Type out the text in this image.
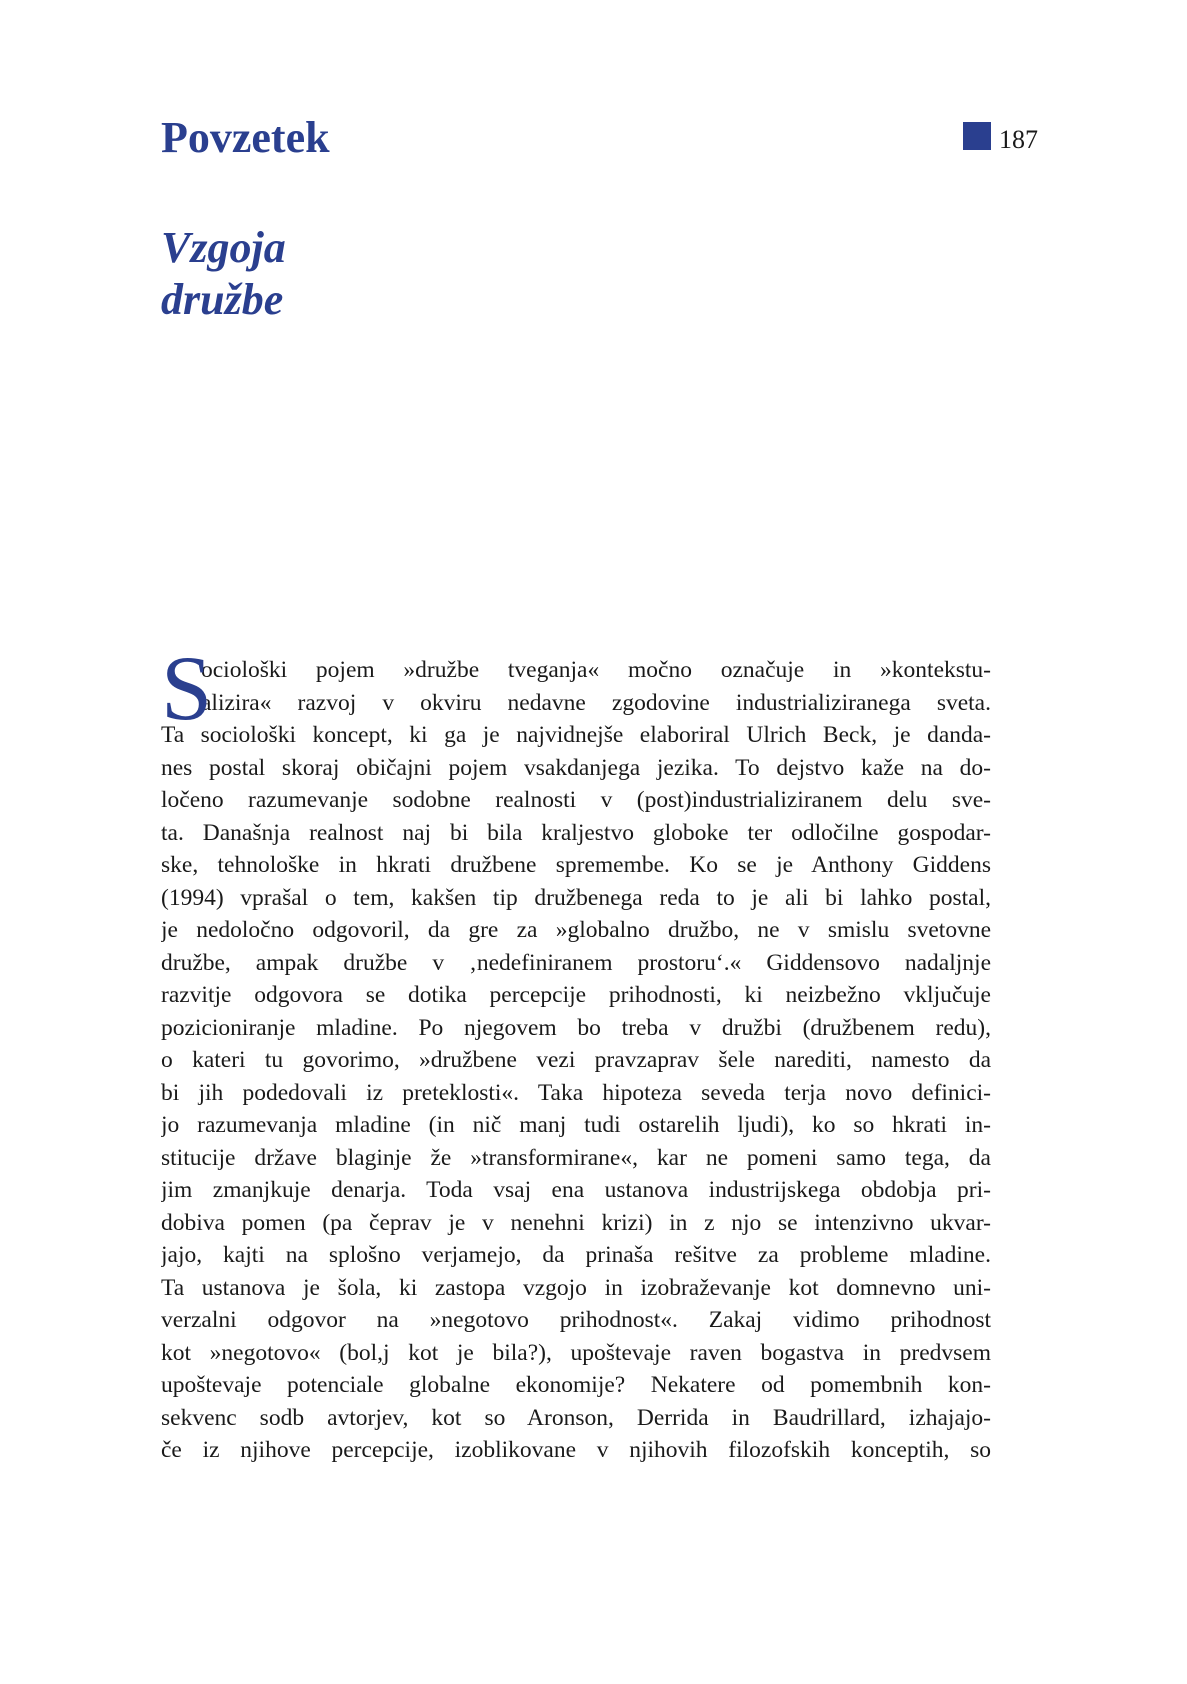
Povzetek	187
Vzgoja
družbe
S
ociološki pojem »družbe tveganja« močno označuje in »kontekstu-
alizira« razvoj v okviru nedavne zgodovine industrializiranega sveta.
Ta sociološki koncept, ki ga je najvidnejše elaboriral Ulrich Beck, je danda-
nes postal skoraj običajni pojem vsakdanjega jezika. To dejstvo kaže na do-
ločeno razumevanje sodobne realnosti v (post)industrializiranem delu sve-
ta. Današnja realnost naj bi bila kraljestvo globoke ter odločilne gospodar-
ske, tehnološke in hkrati družbene spremembe. Ko se je Anthony Giddens
(1994) vprašal o tem, kakšen tip družbenega reda to je ali bi lahko postal,
je nedoločno odgovoril, da gre za »globalno družbo, ne v smislu svetovne
družbe, ampak družbe v ‚nedefiniranem prostoru‘.« Giddensovo nadaljnje
razvitje odgovora se dotika percepcije prihodnosti, ki neizbežno vključuje
pozicioniranje mladine. Po njegovem bo treba v družbi (družbenem redu),
o kateri tu govorimo, »družbene vezi pravzaprav šele narediti, namesto da
bi jih podedovali iz preteklosti«. Taka hipoteza seveda terja novo definici-
jo razumevanja mladine (in nič manj tudi ostarelih ljudi), ko so hkrati in-
stitucije države blaginje že »transformirane«, kar ne pomeni samo tega, da
jim zmanjkuje denarja. Toda vsaj ena ustanova industrijskega obdobja pri-
dobiva pomen (pa čeprav je v nenehni krizi) in z njo se intenzivno ukvar-
jajo, kajti na splošno verjamejo, da prinaša rešitve za probleme mladine.
Ta ustanova je šola, ki zastopa vzgojo in izobraževanje kot domnevno uni-
verzalni odgovor na »negotovo prihodnost«. Zakaj vidimo prihodnost
kot »negotovo« (bol,j kot je bila?), upoštevaje raven bogastva in predvsem
upoštevaje potenciale globalne ekonomije? Nekatere od pomembnih kon-
sekvenc sodb avtorjev, kot so Aronson, Derrida in Baudrillard, izhajajo-
če iz njihove percepcije, izoblikovane v njihovih filozofskih konceptih, so
